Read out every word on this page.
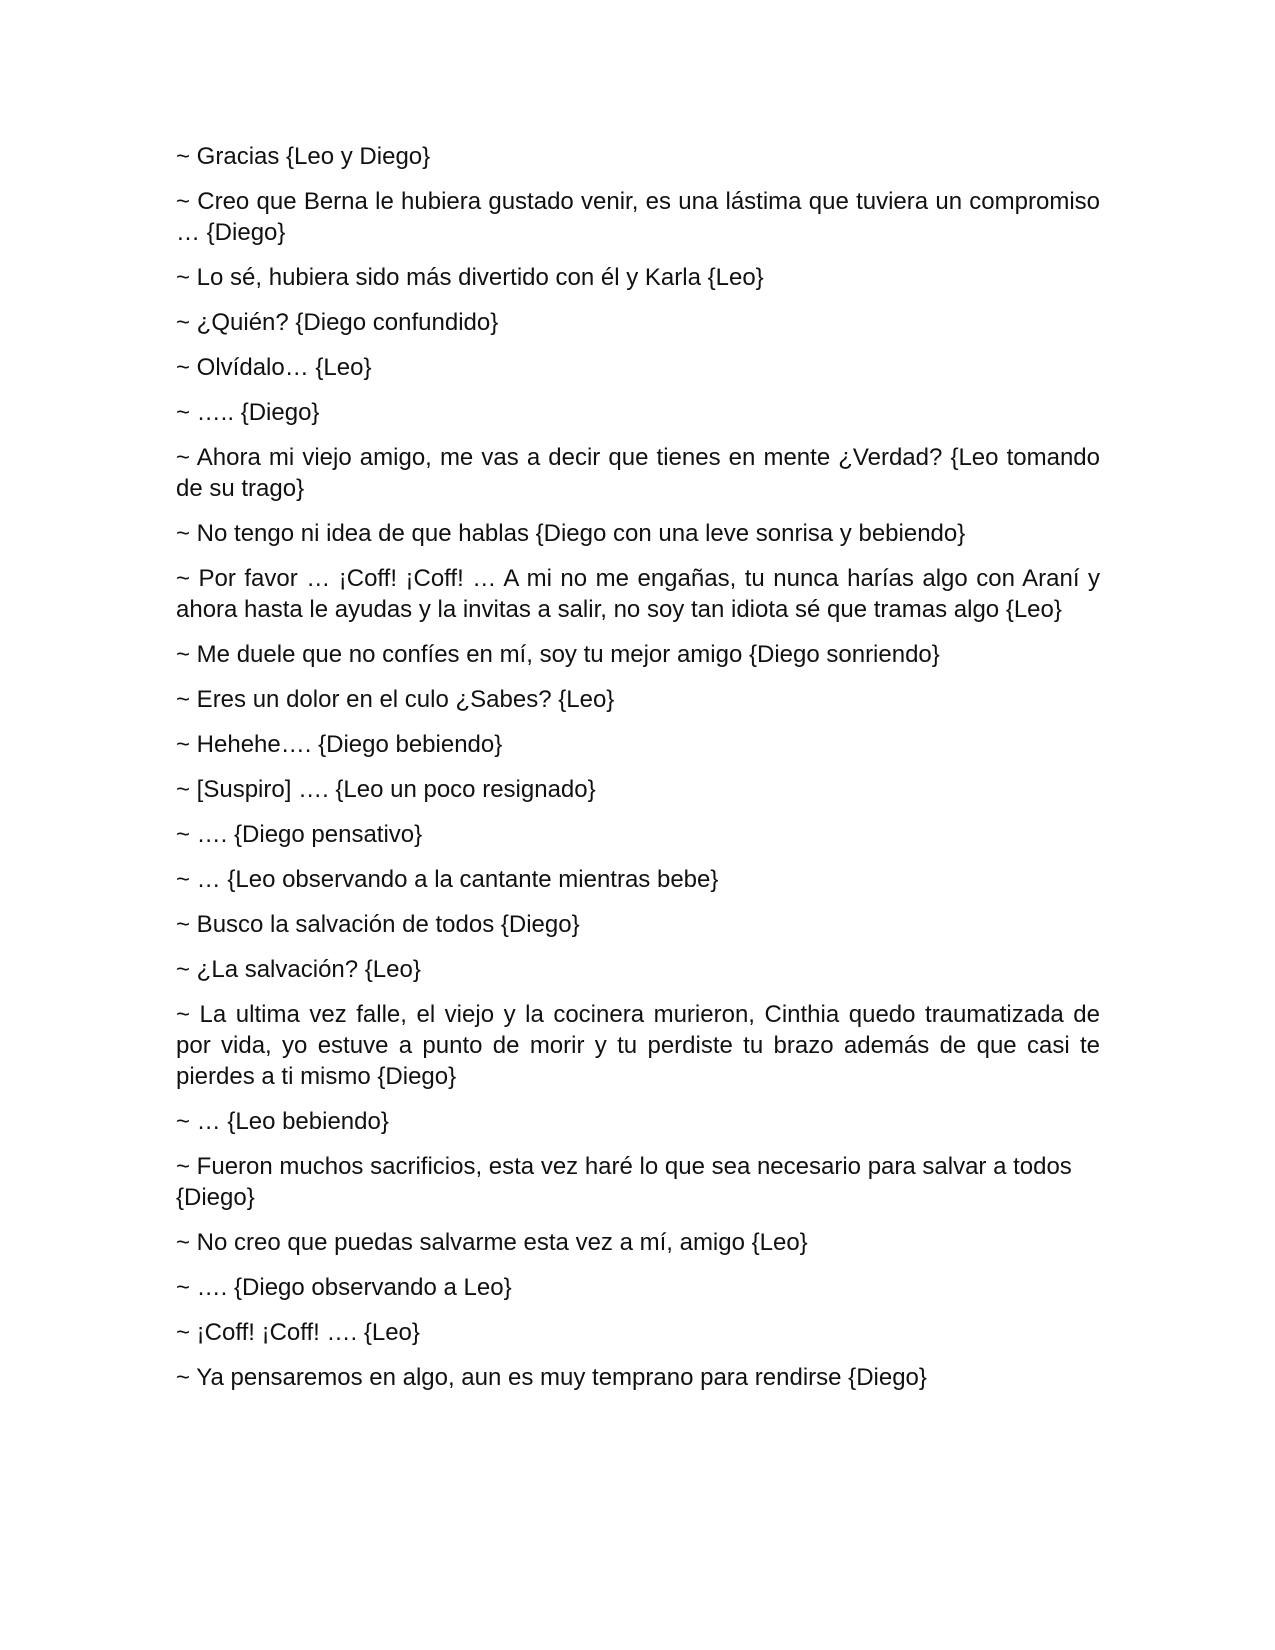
~ Gracias {Leo y Diego}

~ Creo que Berna le hubiera gustado venir, es una lástima que tuviera un compromiso … {Diego}

~ Lo sé, hubiera sido más divertido con él y Karla {Leo}

~ ¿Quién? {Diego confundido}

~ Olvídalo… {Leo}

~ ….. {Diego}

~ Ahora mi viejo amigo, me vas a decir que tienes en mente ¿Verdad? {Leo tomando de su trago}

~ No tengo ni idea de que hablas {Diego con una leve sonrisa y bebiendo}

~ Por favor … ¡Coff! ¡Coff! … A mi no me engañas, tu nunca harías algo con Araní y ahora hasta le ayudas y la invitas a salir, no soy tan idiota sé que tramas algo {Leo}

~ Me duele que no confíes en mí, soy tu mejor amigo {Diego sonriendo}

~ Eres un dolor en el culo ¿Sabes? {Leo}

~ Hehehe…. {Diego bebiendo}

~ [Suspiro] …. {Leo un poco resignado}

~ …. {Diego pensativo}

~ … {Leo observando a la cantante mientras bebe}

~ Busco la salvación de todos {Diego}

~ ¿La salvación? {Leo}

~ La ultima vez falle, el viejo y la cocinera murieron, Cinthia quedo traumatizada de por vida, yo estuve a punto de morir y tu perdiste tu brazo además de que casi te pierdes a ti mismo {Diego}

~ … {Leo bebiendo}

~ Fueron muchos sacrificios, esta vez haré lo que sea necesario para salvar a todos {Diego}

~ No creo que puedas salvarme esta vez a mí, amigo {Leo}

~ …. {Diego observando a Leo}

~ ¡Coff! ¡Coff! …. {Leo}

~ Ya pensaremos en algo, aun es muy temprano para rendirse {Diego}
